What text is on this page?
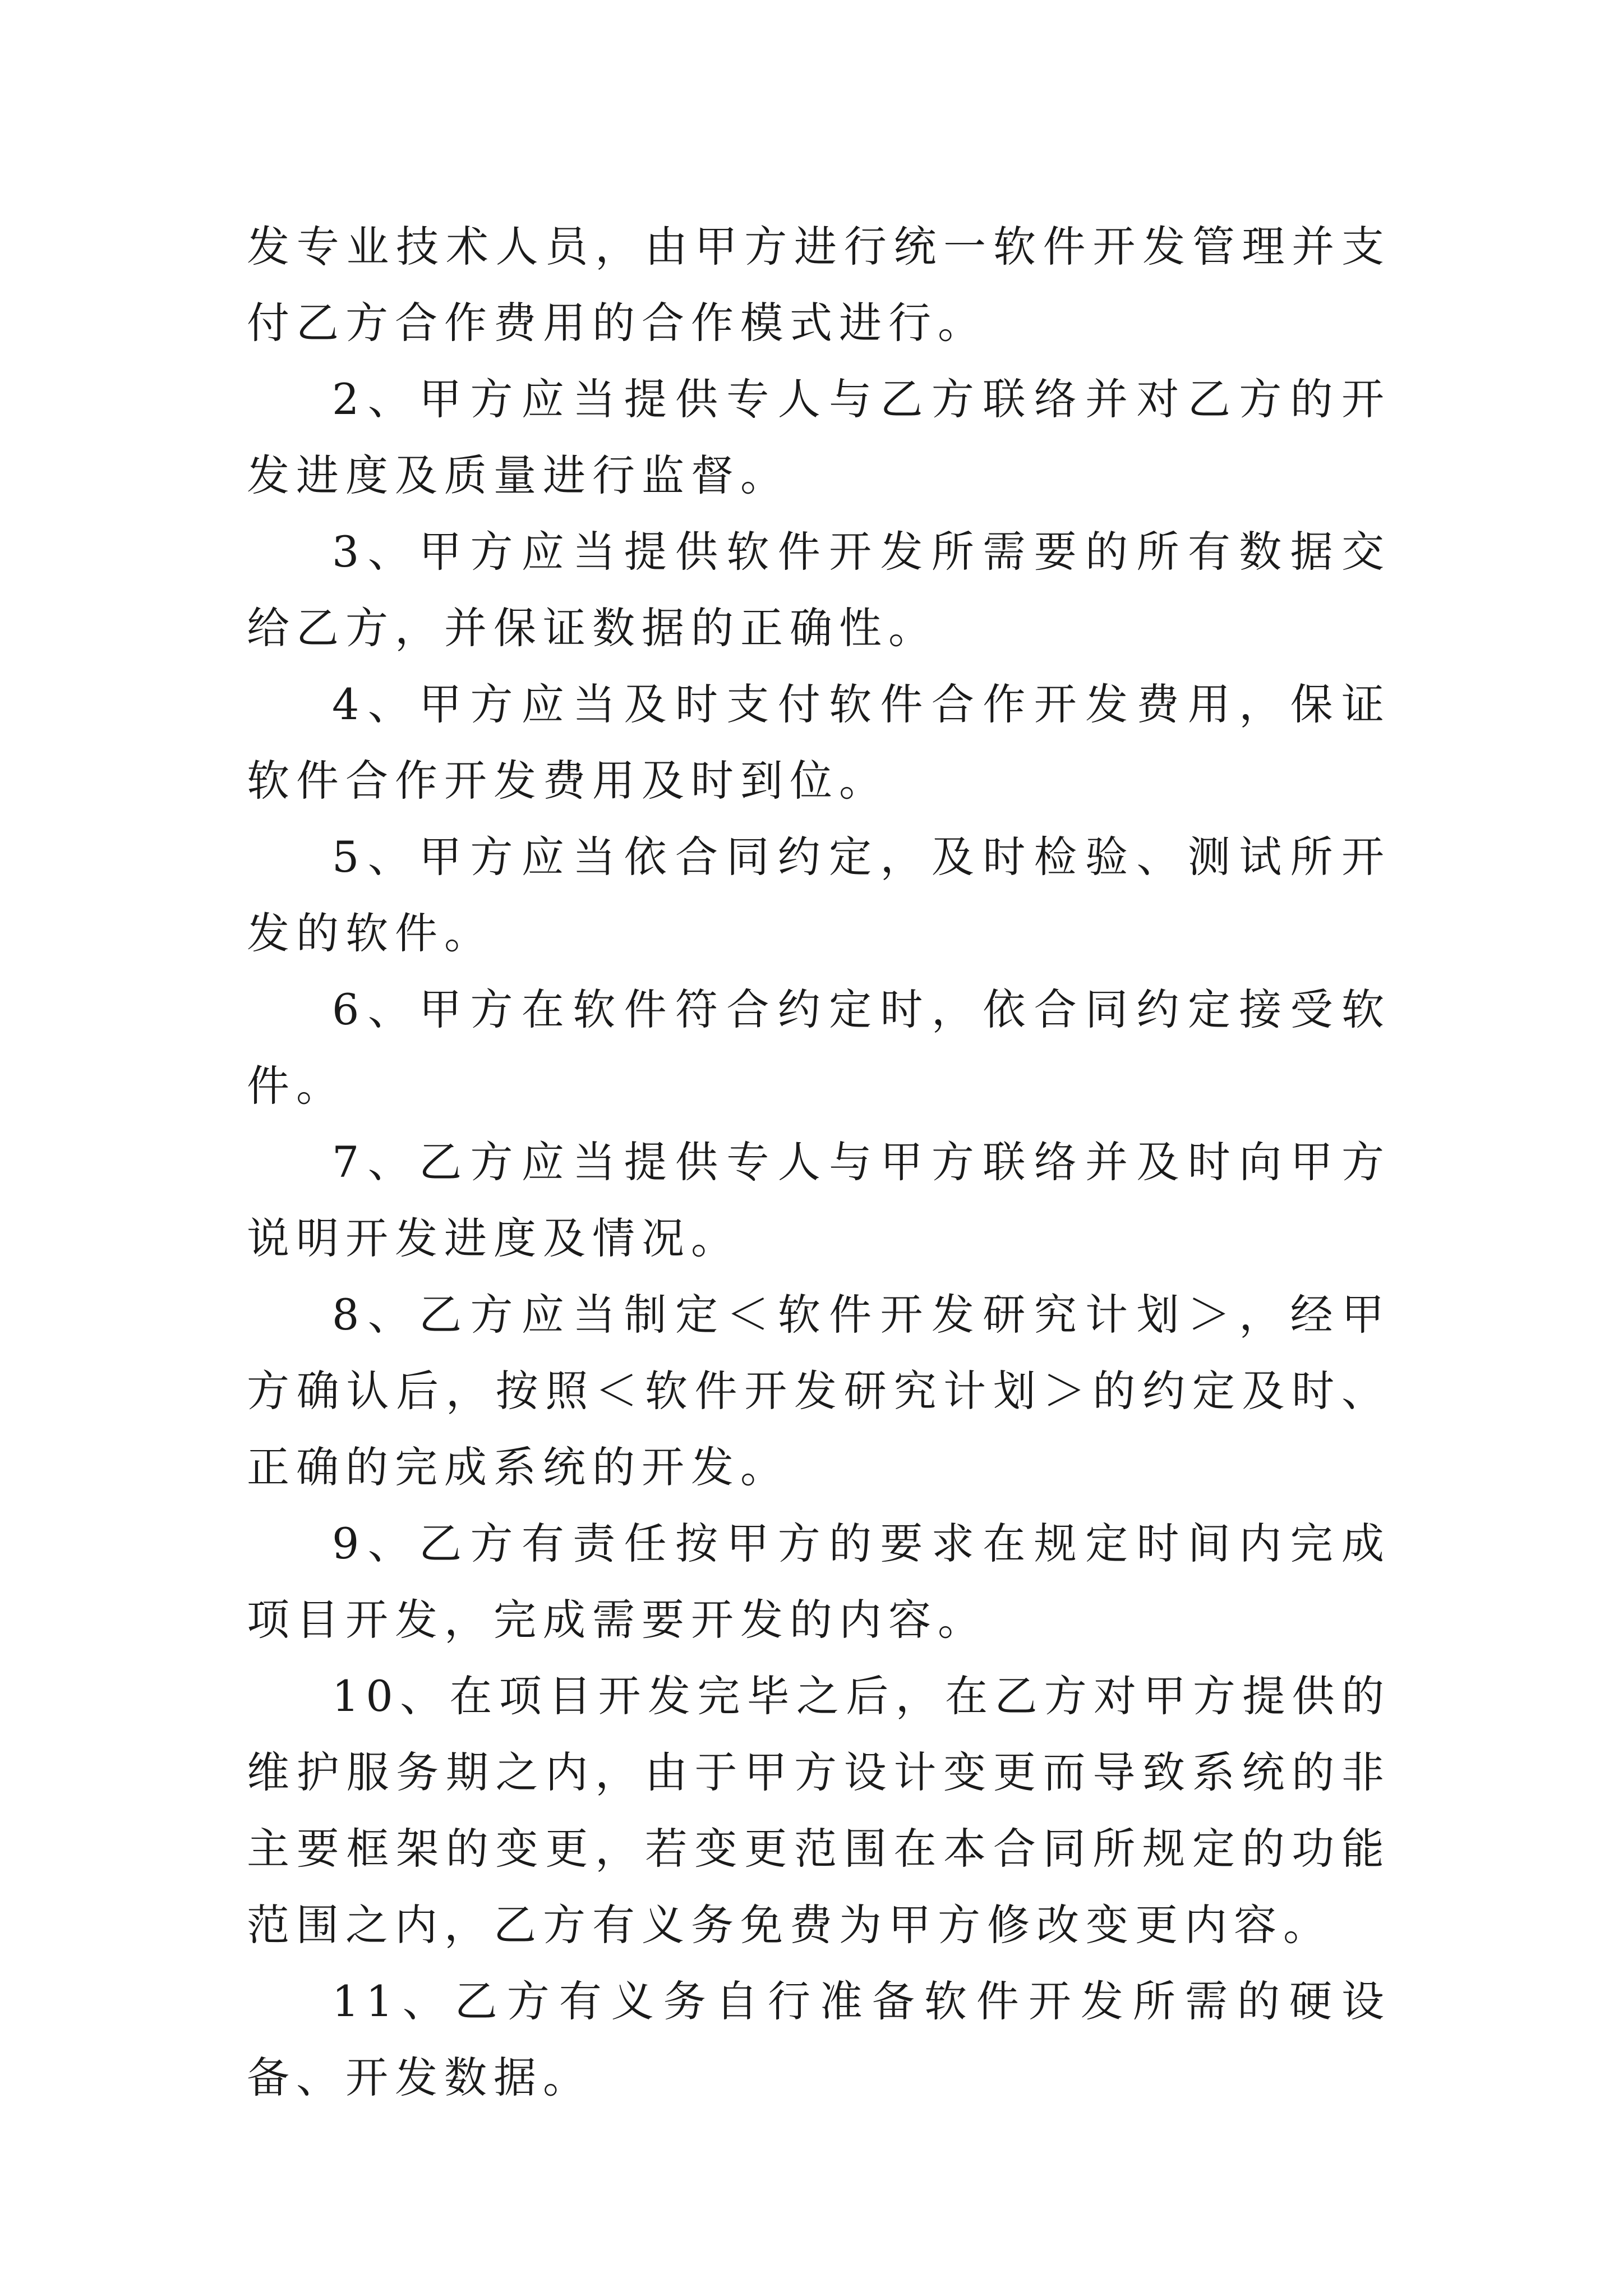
发专业技术人员，由甲方进行统一软件开发管理并支付乙方合作费用的合作模式进行。

2、甲方应当提供专人与乙方联络并对乙方的开发进度及质量进行监督。

3、甲方应当提供软件开发所需要的所有数据交给乙方，并保证数据的正确性。

4、甲方应当及时支付软件合作开发费用，保证软件合作开发费用及时到位。

5、甲方应当依合同约定，及时检验、测试所开发的软件。

6、甲方在软件符合约定时，依合同约定接受软件。

7、乙方应当提供专人与甲方联络并及时向甲方说明开发进度及情况。

8、乙方应当制定＜软件开发研究计划＞，经甲方确认后，按照＜软件开发研究计划＞的约定及时、正确的完成系统的开发。

9、乙方有责任按甲方的要求在规定时间内完成项目开发，完成需要开发的内容。

10、在项目开发完毕之后，在乙方对甲方提供的维护服务期之内，由于甲方设计变更而导致系统的非主要框架的变更，若变更范围在本合同所规定的功能范围之内，乙方有义务免费为甲方修改变更内容。

11、乙方有义务自行准备软件开发所需的硬设备、开发数据。
